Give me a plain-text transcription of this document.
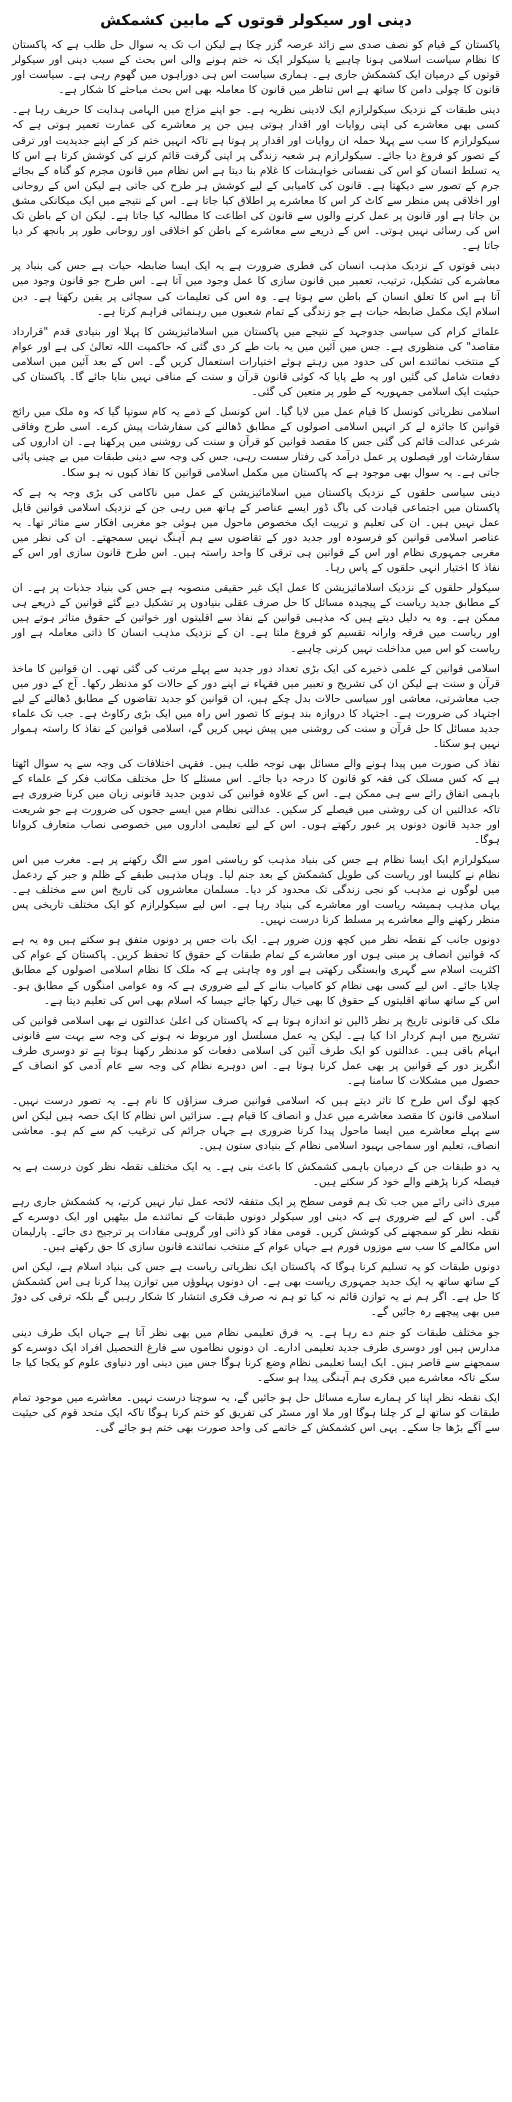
دینی اور سیکولر قوتوں کے مابین کشمکش

پاکستان کے قیام کو نصف صدی سے زائد عرصہ گزر چکا ہے لیکن اب تک یہ سوال حل طلب ہے کہ پاکستان کا نظام سیاست اسلامی ہونا چاہیے یا سیکولر ایک نہ ختم ہونے والی اس بحث کے سبب دینی اور سیکولر قوتوں کے درمیان ایک کشمکش جاری ہے۔ ہماری سیاست اس ہی دوراہوں میں گھوم رہی ہے۔ سیاست اور قانون کا چولی دامن کا ساتھ ہے اس تناظر میں قانون کا معاملہ بھی اس بحث مباحثے کا شکار ہے۔

دینی طبقات کے نزدیک سیکولرازم ایک لادینی نظریہ ہے۔ جو اپنے مزاج میں الہامی ہدایت کا حریف رہا ہے۔ کسی بھی معاشرے کی اپنی روایات اور اقدار ہوتی ہیں جن پر معاشرے کی عمارت تعمیر ہوتی ہے کہ سیکولرازم کا سب سے پہلا حملہ ان روایات اور اقدار پر ہوتا ہے تاکہ انہیں ختم کر کے اپنے جدیدیت اور ترقی کے تصور کو فروغ دیا جائے۔ سیکولرازم ہر شعبہ زندگی پر اپنی گرفت قائم کرنے کی کوشش کرتا ہے اس کا یہ تسلط انسان کو اس کی نفسانی خواہشات کا غلام بنا دیتا ہے اس نظام میں قانون مجرم کو گناہ کے بجائے جرم کے تصور سے دیکھتا ہے۔ قانون کی کامیابی کے لیے کوشش ہر طرح کی جاتی ہے لیکن اس کے روحانی اور اخلاقی پس منظر سے کاٹ کر اس کا معاشرے پر اطلاق کیا جاتا ہے۔ اس کے نتیجے میں ایک میکانکی مشق بن جاتا ہے اور قانون پر عمل کرنے والوں سے قانون کی اطاعت کا مطالبہ کیا جاتا ہے۔ لیکن ان کے باطن تک اس کی رسائی نہیں ہوتی۔ اس کے ذریعے سے معاشرے کے باطن کو اخلاقی اور روحانی طور پر بانجھ کر دیا جاتا ہے۔

دینی قوتوں کے نزدیک مذہب انسان کی فطری ضرورت ہے یہ ایک ایسا ضابطہ حیات ہے جس کی بنیاد پر معاشرے کی تشکیل، ترتیب، تعمیر میں قانون سازی کا عمل وجود میں آتا ہے۔ اس طرح جو قانون وجود میں آتا ہے اس کا تعلق انسان کے باطن سے ہوتا ہے۔ وہ اس کی تعلیمات کی سچائی پر یقین رکھتا ہے۔ دین اسلام ایک مکمل ضابطہ حیات ہے جو زندگی کے تمام شعبوں میں رہنمائی فراہم کرتا ہے۔

علمائے کرام کی سیاسی جدوجہد کے نتیجے میں پاکستان میں اسلامائیزیشن کا پہلا اور بنیادی قدم "قرارداد مقاصد" کی منظوری ہے۔ جس میں آئین میں یہ بات طے کر دی گئی کہ حاکمیت اللہ تعالیٰ کی ہے اور عوام کے منتخب نمائندے اس کی حدود میں رہتے ہوئے اختیارات استعمال کریں گے۔ اس کے بعد آئین میں اسلامی دفعات شامل کی گئیں اور یہ طے پایا کہ کوئی قانون قرآن و سنت کے منافی نہیں بنایا جائے گا۔ پاکستان کی حیثیت ایک اسلامی جمہوریہ کے طور پر متعین کی گئی۔

اسلامی نظریاتی کونسل کا قیام عمل میں لایا گیا۔ اس کونسل کے ذمے یہ کام سونپا گیا کہ وہ ملک میں رائج قوانین کا جائزہ لے کر انہیں اسلامی اصولوں کے مطابق ڈھالنے کی سفارشات پیش کرے۔ اسی طرح وفاقی شرعی عدالت قائم کی گئی جس کا مقصد قوانین کو قرآن و سنت کی روشنی میں پرکھنا ہے۔ ان اداروں کی سفارشات اور فیصلوں پر عمل درآمد کی رفتار سست رہی، جس کی وجہ سے دینی طبقات میں بے چینی پائی جاتی ہے۔ یہ سوال بھی موجود ہے کہ پاکستان میں مکمل اسلامی قوانین کا نفاذ کیوں نہ ہو سکا۔

دینی سیاسی حلقوں کے نزدیک پاکستان میں اسلامائیزیشن کے عمل میں ناکامی کی بڑی وجہ یہ ہے کہ پاکستان میں اجتماعی قیادت کی باگ ڈور ایسے عناصر کے ہاتھ میں رہی جن کے نزدیک اسلامی قوانین قابل عمل نہیں ہیں۔ ان کی تعلیم و تربیت ایک مخصوص ماحول میں ہوئی جو مغربی افکار سے متاثر تھا۔ یہ عناصر اسلامی قوانین کو فرسودہ اور جدید دور کے تقاضوں سے ہم آہنگ نہیں سمجھتے۔ ان کی نظر میں مغربی جمہوری نظام اور اس کے قوانین ہی ترقی کا واحد راستہ ہیں۔ اس طرح قانون سازی اور اس کے نفاذ کا اختیار انہی حلقوں کے پاس رہا۔

سیکولر حلقوں کے نزدیک اسلامائیزیشن کا عمل ایک غیر حقیقی منصوبہ ہے جس کی بنیاد جذبات پر ہے۔ ان کے مطابق جدید ریاست کے پیچیدہ مسائل کا حل صرف عقلی بنیادوں پر تشکیل دیے گئے قوانین کے ذریعے ہی ممکن ہے۔ وہ یہ دلیل دیتے ہیں کہ مذہبی قوانین کے نفاذ سے اقلیتوں اور خواتین کے حقوق متاثر ہوتے ہیں اور ریاست میں فرقہ وارانہ تقسیم کو فروغ ملتا ہے۔ ان کے نزدیک مذہب انسان کا ذاتی معاملہ ہے اور ریاست کو اس میں مداخلت نہیں کرنی چاہیے۔

اسلامی قوانین کے علمی ذخیرے کی ایک بڑی تعداد دور جدید سے پہلے مرتب کی گئی تھی۔ ان قوانین کا ماخذ قرآن و سنت ہے لیکن ان کی تشریح و تعبیر میں فقہاء نے اپنے دور کے حالات کو مدنظر رکھا۔ آج کے دور میں جب معاشرتی، معاشی اور سیاسی حالات بدل چکے ہیں، ان قوانین کو جدید تقاضوں کے مطابق ڈھالنے کے لیے اجتہاد کی ضرورت ہے۔ اجتہاد کا دروازہ بند ہونے کا تصور اس راہ میں ایک بڑی رکاوٹ ہے۔ جب تک علماء جدید مسائل کا حل قرآن و سنت کی روشنی میں پیش نہیں کریں گے، اسلامی قوانین کے نفاذ کا راستہ ہموار نہیں ہو سکتا۔

نفاذ کی صورت میں پیدا ہونے والے مسائل بھی توجہ طلب ہیں۔ فقہی اختلافات کی وجہ سے یہ سوال اٹھتا ہے کہ کس مسلک کی فقہ کو قانون کا درجہ دیا جائے۔ اس مسئلے کا حل مختلف مکاتب فکر کے علماء کے باہمی اتفاق رائے سے ہی ممکن ہے۔ اس کے علاوہ قوانین کی تدوین جدید قانونی زبان میں کرنا ضروری ہے تاکہ عدالتیں ان کی روشنی میں فیصلے کر سکیں۔ عدالتی نظام میں ایسے ججوں کی ضرورت ہے جو شریعت اور جدید قانون دونوں پر عبور رکھتے ہوں۔ اس کے لیے تعلیمی اداروں میں خصوصی نصاب متعارف کروانا ہوگا۔

سیکولرازم ایک ایسا نظام ہے جس کی بنیاد مذہب کو ریاستی امور سے الگ رکھنے پر ہے۔ مغرب میں اس نظام نے کلیسا اور ریاست کی طویل کشمکش کے بعد جنم لیا۔ وہاں مذہبی طبقے کے ظلم و جبر کے ردعمل میں لوگوں نے مذہب کو نجی زندگی تک محدود کر دیا۔ مسلمان معاشروں کی تاریخ اس سے مختلف ہے۔ یہاں مذہب ہمیشہ ریاست اور معاشرے کی بنیاد رہا ہے۔ اس لیے سیکولرازم کو ایک مختلف تاریخی پس منظر رکھنے والے معاشرے پر مسلط کرنا درست نہیں۔

دونوں جانب کے نقطہ نظر میں کچھ وزن ضرور ہے۔ ایک بات جس پر دونوں متفق ہو سکتے ہیں وہ یہ ہے کہ قوانین انصاف پر مبنی ہوں اور معاشرے کے تمام طبقات کے حقوق کا تحفظ کریں۔ پاکستان کے عوام کی اکثریت اسلام سے گہری وابستگی رکھتی ہے اور وہ چاہتی ہے کہ ملک کا نظام اسلامی اصولوں کے مطابق چلایا جائے۔ اس لیے کسی بھی نظام کو کامیاب بنانے کے لیے ضروری ہے کہ وہ عوامی امنگوں کے مطابق ہو۔ اس کے ساتھ ساتھ اقلیتوں کے حقوق کا بھی خیال رکھا جائے جیسا کہ اسلام بھی اس کی تعلیم دیتا ہے۔

ملک کی قانونی تاریخ پر نظر ڈالیں تو اندازہ ہوتا ہے کہ پاکستان کی اعلیٰ عدالتوں نے بھی اسلامی قوانین کی تشریح میں اہم کردار ادا کیا ہے۔ لیکن یہ عمل مسلسل اور مربوط نہ ہونے کی وجہ سے بہت سے قانونی ابہام باقی ہیں۔ عدالتوں کو ایک طرف آئین کی اسلامی دفعات کو مدنظر رکھنا ہوتا ہے تو دوسری طرف انگریز دور کے قوانین پر بھی عمل کرنا ہوتا ہے۔ اس دوہرے نظام کی وجہ سے عام آدمی کو انصاف کے حصول میں مشکلات کا سامنا ہے۔

کچھ لوگ اس طرح کا تاثر دیتے ہیں کہ اسلامی قوانین صرف سزاؤں کا نام ہے۔ یہ تصور درست نہیں۔ اسلامی قانون کا مقصد معاشرے میں عدل و انصاف کا قیام ہے۔ سزائیں اس نظام کا ایک حصہ ہیں لیکن اس سے پہلے معاشرے میں ایسا ماحول پیدا کرنا ضروری ہے جہاں جرائم کی ترغیب کم سے کم ہو۔ معاشی انصاف، تعلیم اور سماجی بہبود اسلامی نظام کے بنیادی ستون ہیں۔

یہ دو طبقات جن کے درمیان باہمی کشمکش کا باعث بنی ہے۔ یہ ایک مختلف نقطہ نظر کون درست ہے یہ فیصلہ کرنا پڑھنے والے خود کر سکتے ہیں۔

میری ذاتی رائے میں جب تک ہم قومی سطح پر ایک متفقہ لائحہ عمل تیار نہیں کرتے، یہ کشمکش جاری رہے گی۔ اس کے لیے ضروری ہے کہ دینی اور سیکولر دونوں طبقات کے نمائندے مل بیٹھیں اور ایک دوسرے کے نقطہ نظر کو سمجھنے کی کوشش کریں۔ قومی مفاد کو ذاتی اور گروہی مفادات پر ترجیح دی جائے۔ پارلیمان اس مکالمے کا سب سے موزوں فورم ہے جہاں عوام کے منتخب نمائندے قانون سازی کا حق رکھتے ہیں۔

دونوں طبقات کو یہ تسلیم کرنا ہوگا کہ پاکستان ایک نظریاتی ریاست ہے جس کی بنیاد اسلام ہے، لیکن اس کے ساتھ ساتھ یہ ایک جدید جمہوری ریاست بھی ہے۔ ان دونوں پہلوؤں میں توازن پیدا کرنا ہی اس کشمکش کا حل ہے۔ اگر ہم نے یہ توازن قائم نہ کیا تو ہم نہ صرف فکری انتشار کا شکار رہیں گے بلکہ ترقی کی دوڑ میں بھی پیچھے رہ جائیں گے۔

جو مختلف طبقات کو جنم دے رہا ہے۔ یہ فرق تعلیمی نظام میں بھی نظر آتا ہے جہاں ایک طرف دینی مدارس ہیں اور دوسری طرف جدید تعلیمی ادارے۔ ان دونوں نظاموں سے فارغ التحصیل افراد ایک دوسرے کو سمجھنے سے قاصر ہیں۔ ایک ایسا تعلیمی نظام وضع کرنا ہوگا جس میں دینی اور دنیاوی علوم کو یکجا کیا جا سکے تاکہ معاشرے میں فکری ہم آہنگی پیدا ہو سکے۔

ایک نقطہ نظر اپنا کر ہمارے سارے مسائل حل ہو جائیں گے، یہ سوچنا درست نہیں۔ معاشرے میں موجود تمام طبقات کو ساتھ لے کر چلنا ہوگا اور ملا اور مسٹر کی تفریق کو ختم کرنا ہوگا تاکہ ایک متحد قوم کی حیثیت سے آگے بڑھا جا سکے۔ یہی اس کشمکش کے خاتمے کی واحد صورت بھی ختم ہو جائے گی۔
